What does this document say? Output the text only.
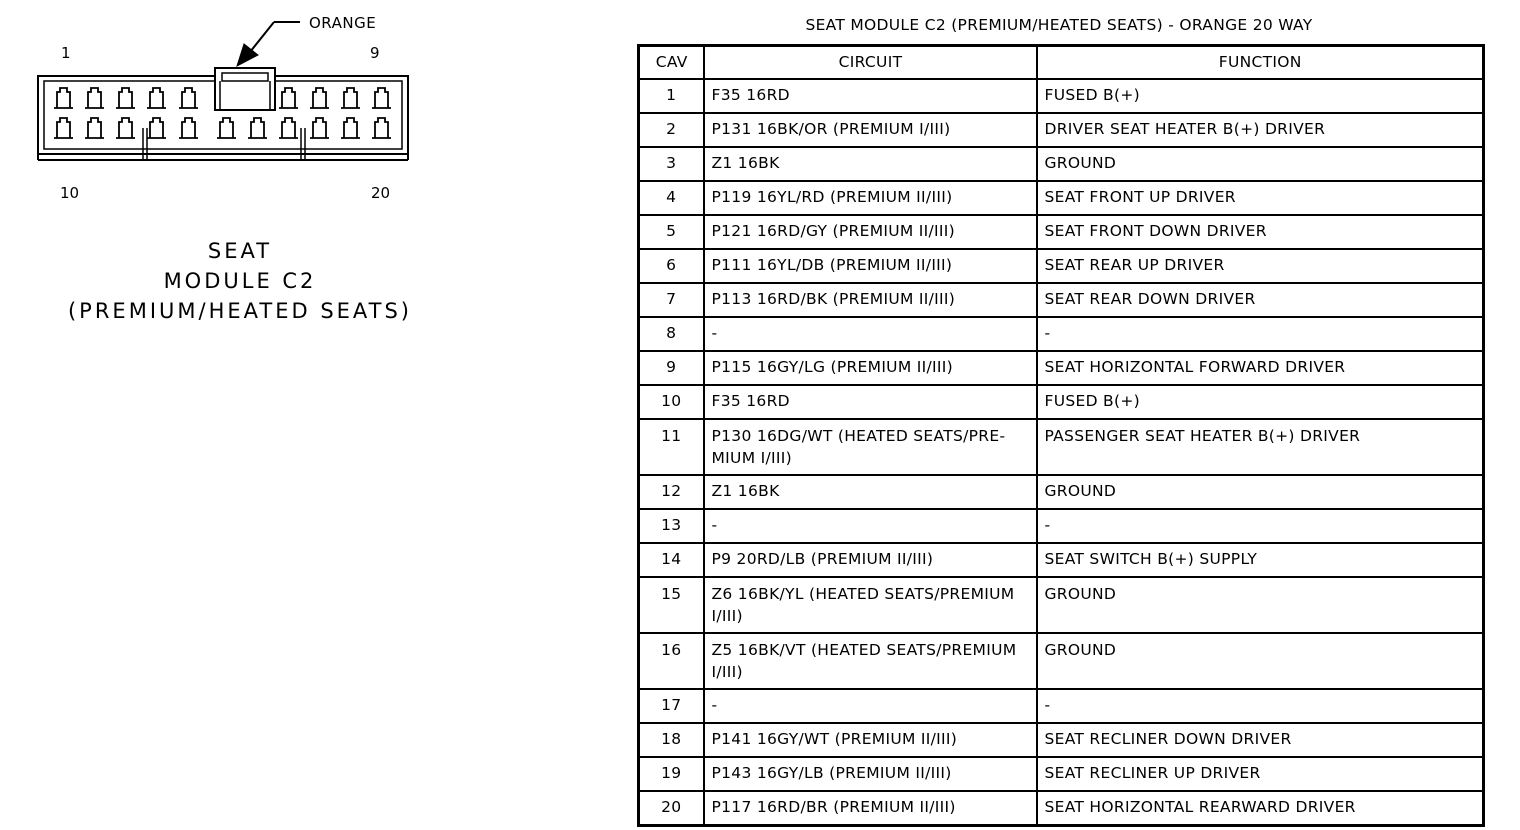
ORANGE
1	9
10	20
SEAT
MODULE C2
(PREMIUM/HEATED SEATS)
SEAT MODULE C2 (PREMIUM/HEATED SEATS) - ORANGE 20 WAY
CAV	CIRCUIT	FUNCTION
1	F35 16RD	FUSED B(+)
2	P131 16BK/OR (PREMIUM I/III)	DRIVER SEAT HEATER B(+) DRIVER
3	Z1 16BK	GROUND
4	P119 16YL/RD (PREMIUM II/III)	SEAT FRONT UP DRIVER
5	P121 16RD/GY (PREMIUM II/III)	SEAT FRONT DOWN DRIVER
6	P111 16YL/DB (PREMIUM II/III)	SEAT REAR UP DRIVER
7	P113 16RD/BK (PREMIUM II/III)	SEAT REAR DOWN DRIVER
8	-	-
9	P115 16GY/LG (PREMIUM II/III)	SEAT HORIZONTAL FORWARD DRIVER
10	F35 16RD	FUSED B(+)
11	P130 16DG/WT (HEATED SEATS/PRE-
MIUM I/III)	PASSENGER SEAT HEATER B(+) DRIVER
12	Z1 16BK	GROUND
13	-	-
14	P9 20RD/LB (PREMIUM II/III)	SEAT SWITCH B(+) SUPPLY
15	Z6 16BK/YL (HEATED SEATS/PREMIUM
I/III)	GROUND
16	Z5 16BK/VT (HEATED SEATS/PREMIUM
I/III)	GROUND
17	-	-
18	P141 16GY/WT (PREMIUM II/III)	SEAT RECLINER DOWN DRIVER
19	P143 16GY/LB (PREMIUM II/III)	SEAT RECLINER UP DRIVER
20	P117 16RD/BR (PREMIUM II/III)	SEAT HORIZONTAL REARWARD DRIVER
